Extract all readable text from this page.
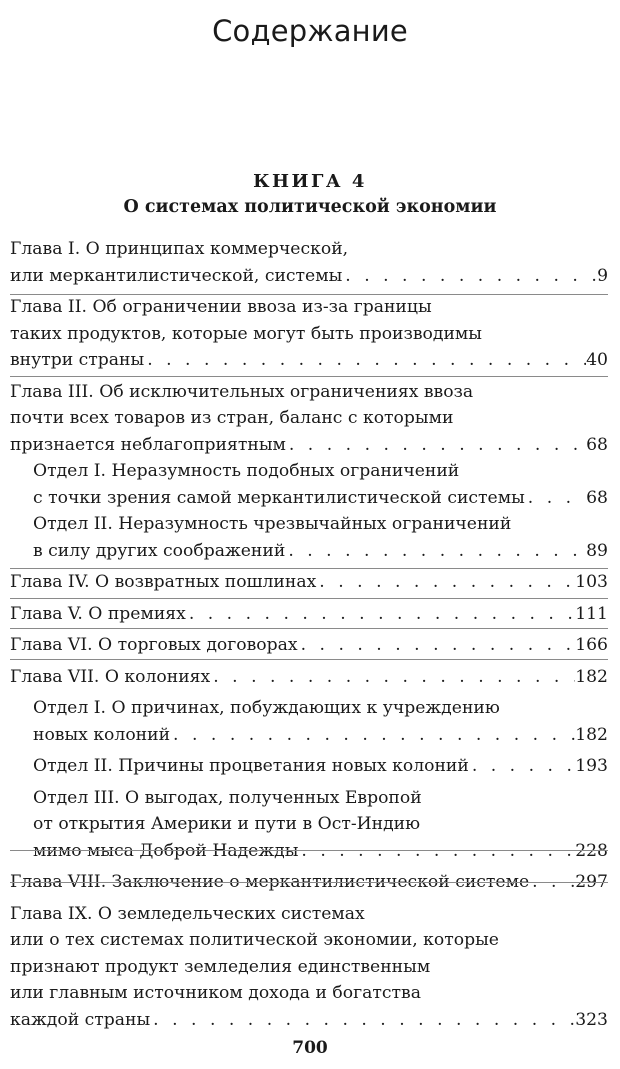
Содержание
КНИГА 4
О системах политической экономии
Глава I. О принципах коммерческой,
или меркантилистической, системы . . .	9
Глава II. Об ограничении ввоза из-за границы
таких продуктов, которые могут быть производимы
внутри страны . . .	40
Глава III. Об исключительных ограничениях ввоза
почти всех товаров из стран, баланс с которыми
признается неблагоприятным . . .	68
Отдел I. Неразумность подобных ограничений
с точки зрения самой меркантилистической системы . . .	68
Отдел II. Неразумность чрезвычайных ограничений
в силу других соображений . . .	89
Глава IV. О возвратных пошлинах . . .	103
Глава V. О премиях . . .	111
Глава VI. О торговых договорах . . .	166
Глава VII. О колониях . . .	182
Отдел I. О причинах, побуждающих к учреждению
новых колоний . . .	182
Отдел II. Причины процветания новых колоний . . .	193
Отдел III. О выгодах, полученных Европой
от открытия Америки и пути в Ост-Индию
мимо мыса Доброй Надежды . . .	228
Глава VIII. Заключение о меркантилистической системе . . .	297
Глава IX. О земледельческих системах
или о тех системах политической экономии, которые
признают продукт земледелия единственным
или главным источником дохода и богатства
каждой страны . . .	323
700
